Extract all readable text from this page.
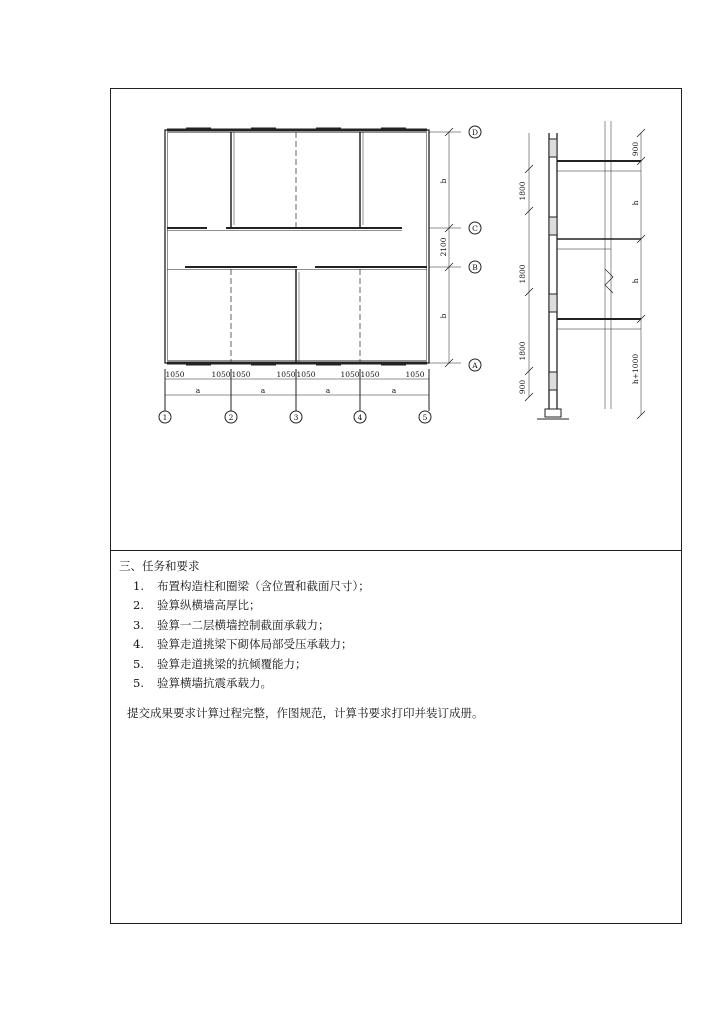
D
C
B
A
1	2	3	4	5
b
2100
b
1050	1050 1050	1050 1050	1050 1050	1050
a	a	a	a
1800
1800
1800
900
900
h
h
h+1000

三、任务和要求

1.	布置构造柱和圈梁（含位置和截面尺寸）；
2.	验算纵横墙高厚比；
3.	验算一二层横墙控制截面承载力；
4.	验算走道挑梁下砌体局部受压承载力；
5.	验算走道挑梁的抗倾覆能力；
5.	验算横墙抗震承载力。

提交成果要求计算过程完整，作图规范，计算书要求打印并装订成册。
